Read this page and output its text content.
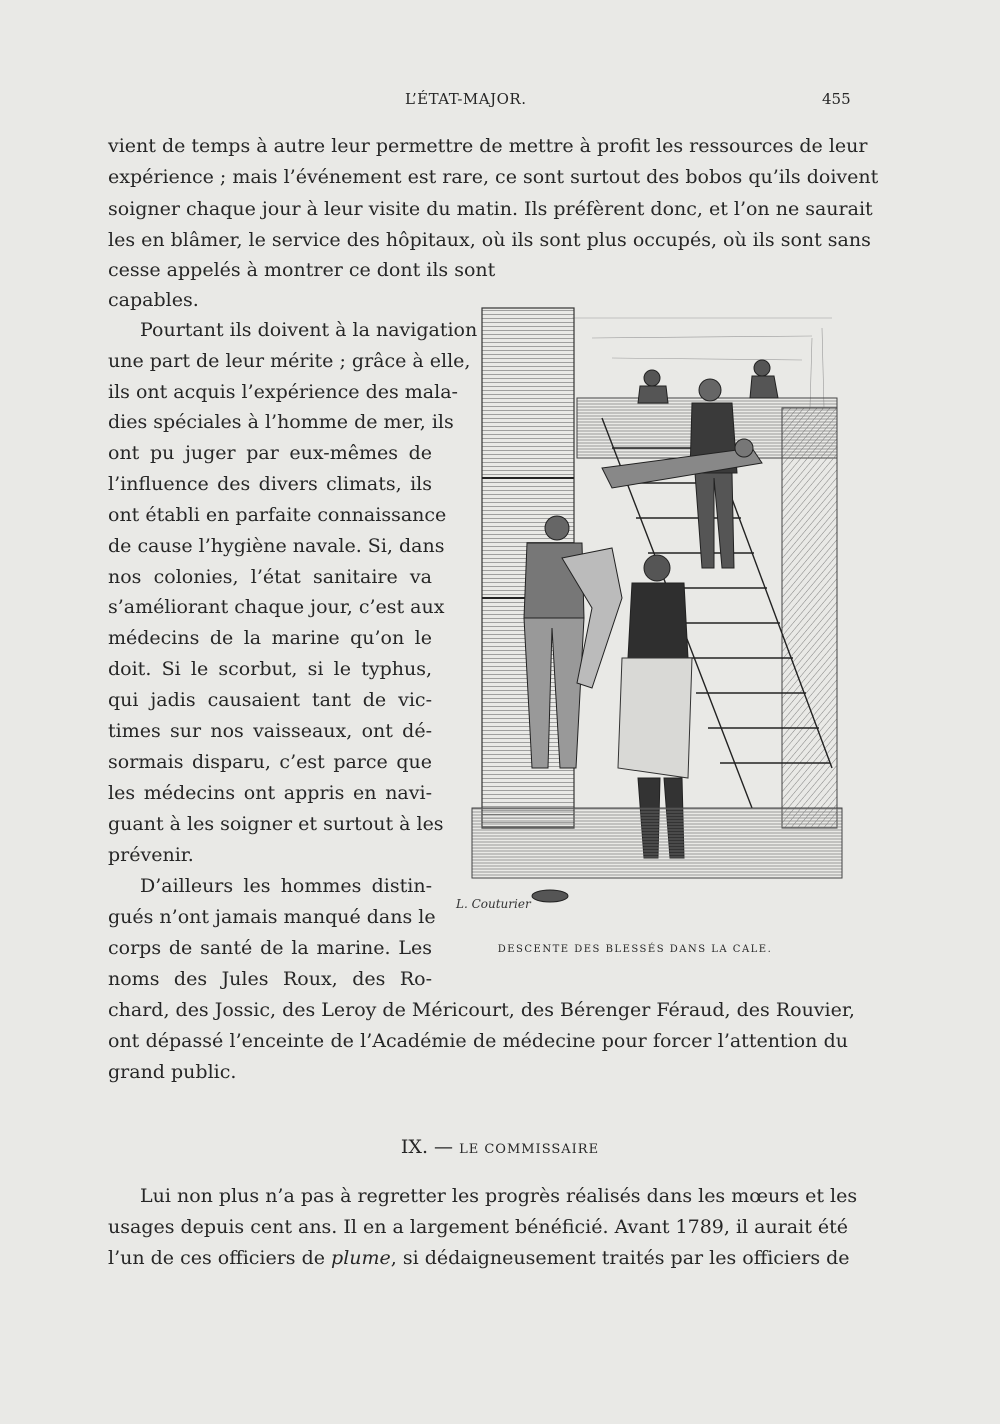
L’ÉTAT-MAJOR.	455
vient de temps à autre leur permettre de mettre à profit les ressources de leur
expérience ; mais l’événement est rare, ce sont surtout des bobos qu’ils doivent
soigner chaque jour à leur visite du matin. Ils préfèrent donc, et l’on ne saurait
les en blâmer, le service des hôpitaux, où ils sont plus occupés, où ils sont sans
cesse appelés à montrer ce dont ils sont
capables.
Pourtant ils doivent à la navigation
une part de leur mérite ; grâce à elle,
ils ont acquis l’expérience des mala-
dies spéciales à l’homme de mer, ils
ont pu juger par eux-mêmes de
l’influence des divers climats, ils
ont établi en parfaite connaissance
de cause l’hygiène navale. Si, dans
nos colonies, l’état sanitaire va
s’améliorant chaque jour, c’est aux
médecins de la marine qu’on le
doit. Si le scorbut, si le typhus,
qui jadis causaient tant de vic-
times sur nos vaisseaux, ont dé-
sormais disparu, c’est parce que
les médecins ont appris en navi-
guant à les soigner et surtout à les
prévenir.
D’ailleurs les hommes distin-
gués n’ont jamais manqué dans le
corps de santé de la marine. Les
noms des Jules Roux, des Ro-
chard, des Jossic, des Leroy de Méricourt, des Bérenger Féraud, des Rouvier,
ont dépassé l’enceinte de l’Académie de médecine pour forcer l’attention du
grand public.
L. Couturier
DESCENTE DES BLESSÉS DANS LA CALE.
IX. — LE COMMISSAIRE
Lui non plus n’a pas à regretter les progrès réalisés dans les mœurs et les
usages depuis cent ans. Il en a largement bénéficié. Avant 1789, il aurait été
l’un de ces officiers de plume, si dédaigneusement traités par les officiers de
